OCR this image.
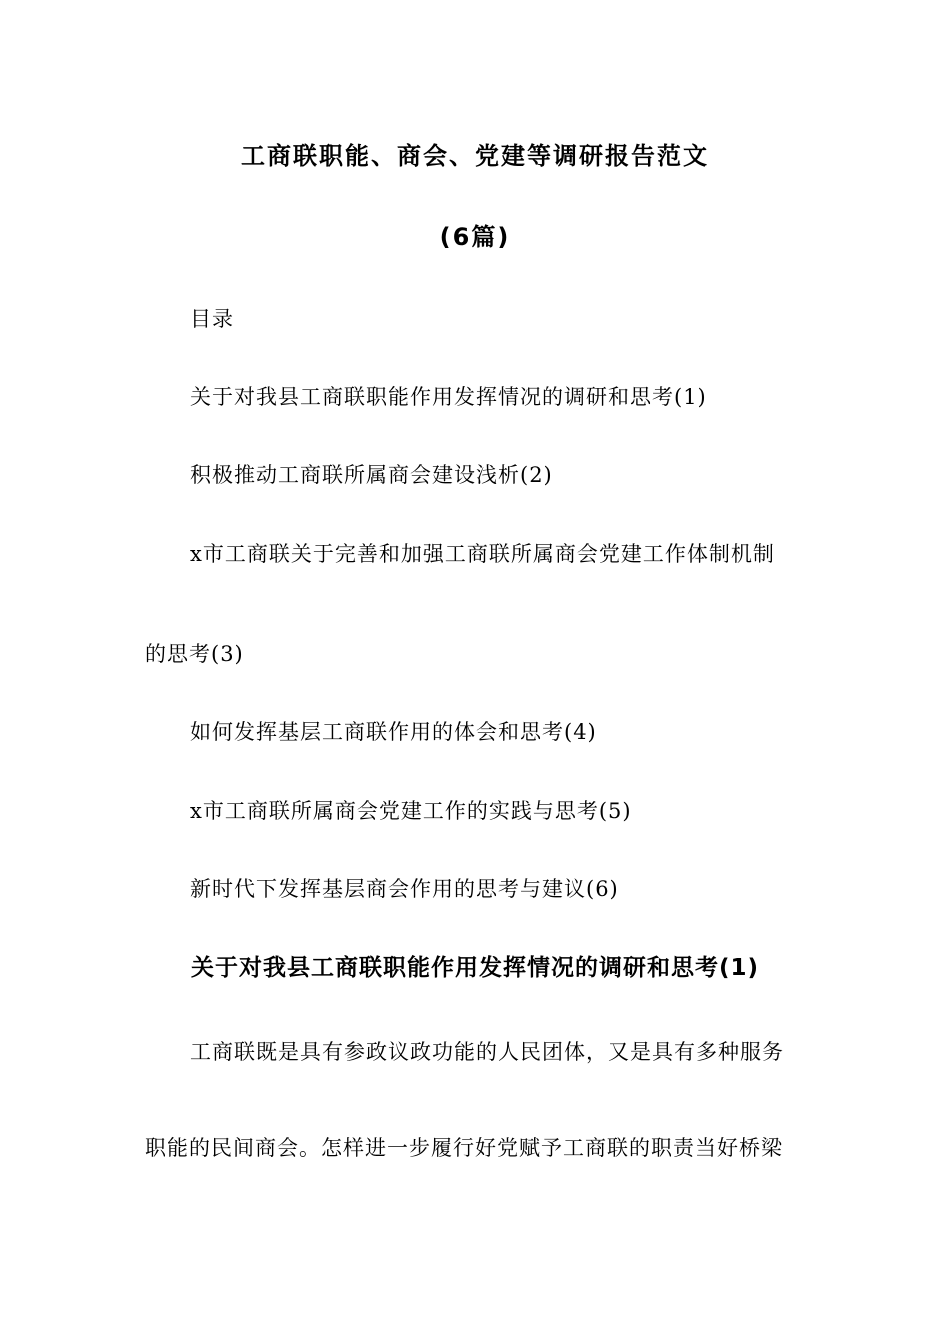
工商联职能、商会、党建等调研报告范文
(6篇)
目录
关于对我县工商联职能作用发挥情况的调研和思考(1)
积极推动工商联所属商会建设浅析(2)
x市工商联关于完善和加强工商联所属商会党建工作体制机制
的思考(3)
如何发挥基层工商联作用的体会和思考(4)
x市工商联所属商会党建工作的实践与思考(5)
新时代下发挥基层商会作用的思考与建议(6)
关于对我县工商联职能作用发挥情况的调研和思考(1)
工商联既是具有参政议政功能的人民团体，又是具有多种服务
职能的民间商会。怎样进一步履行好党赋予工商联的职责当好桥梁
